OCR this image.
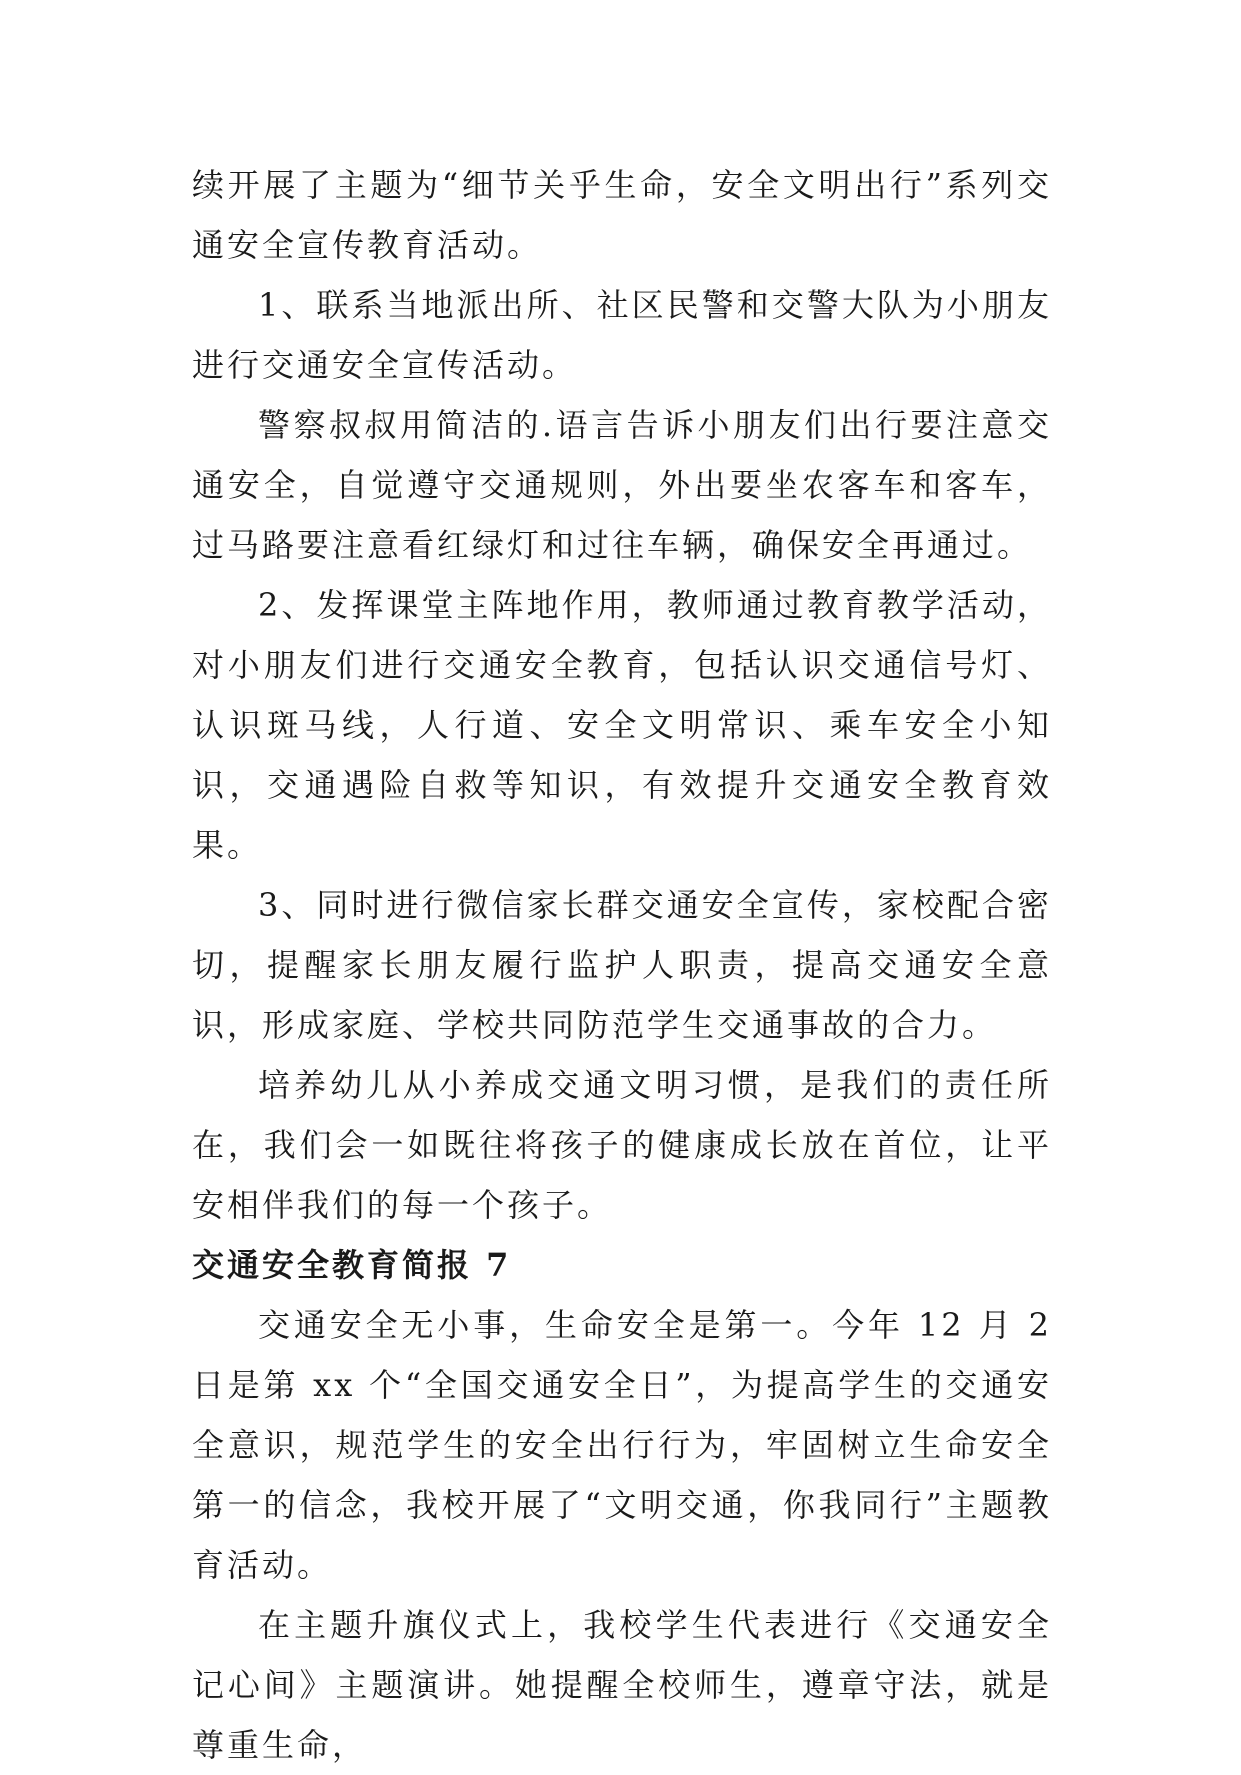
续开展了主题为“细节关乎生命，安全文明出行”系列交通安全宣传教育活动。

1、联系当地派出所、社区民警和交警大队为小朋友进行交通安全宣传活动。

警察叔叔用简洁的.语言告诉小朋友们出行要注意交通安全，自觉遵守交通规则，外出要坐农客车和客车，过马路要注意看红绿灯和过往车辆，确保安全再通过。

2、发挥课堂主阵地作用，教师通过教育教学活动，对小朋友们进行交通安全教育，包括认识交通信号灯、认识斑马线，人行道、安全文明常识、乘车安全小知识，交通遇险自救等知识，有效提升交通安全教育效果。

3、同时进行微信家长群交通安全宣传，家校配合密切，提醒家长朋友履行监护人职责，提高交通安全意识，形成家庭、学校共同防范学生交通事故的合力。

培养幼儿从小养成交通文明习惯，是我们的责任所在，我们会一如既往将孩子的健康成长放在首位，让平安相伴我们的每一个孩子。

交通安全教育简报 7

交通安全无小事，生命安全是第一。今年 12 月 2 日是第 xx 个“全国交通安全日”，为提高学生的交通安全意识，规范学生的安全出行行为，牢固树立生命安全第一的信念，我校开展了“文明交通，你我同行”主题教育活动。

在主题升旗仪式上，我校学生代表进行《交通安全记心间》主题演讲。她提醒全校师生，遵章守法，就是尊重生命，
